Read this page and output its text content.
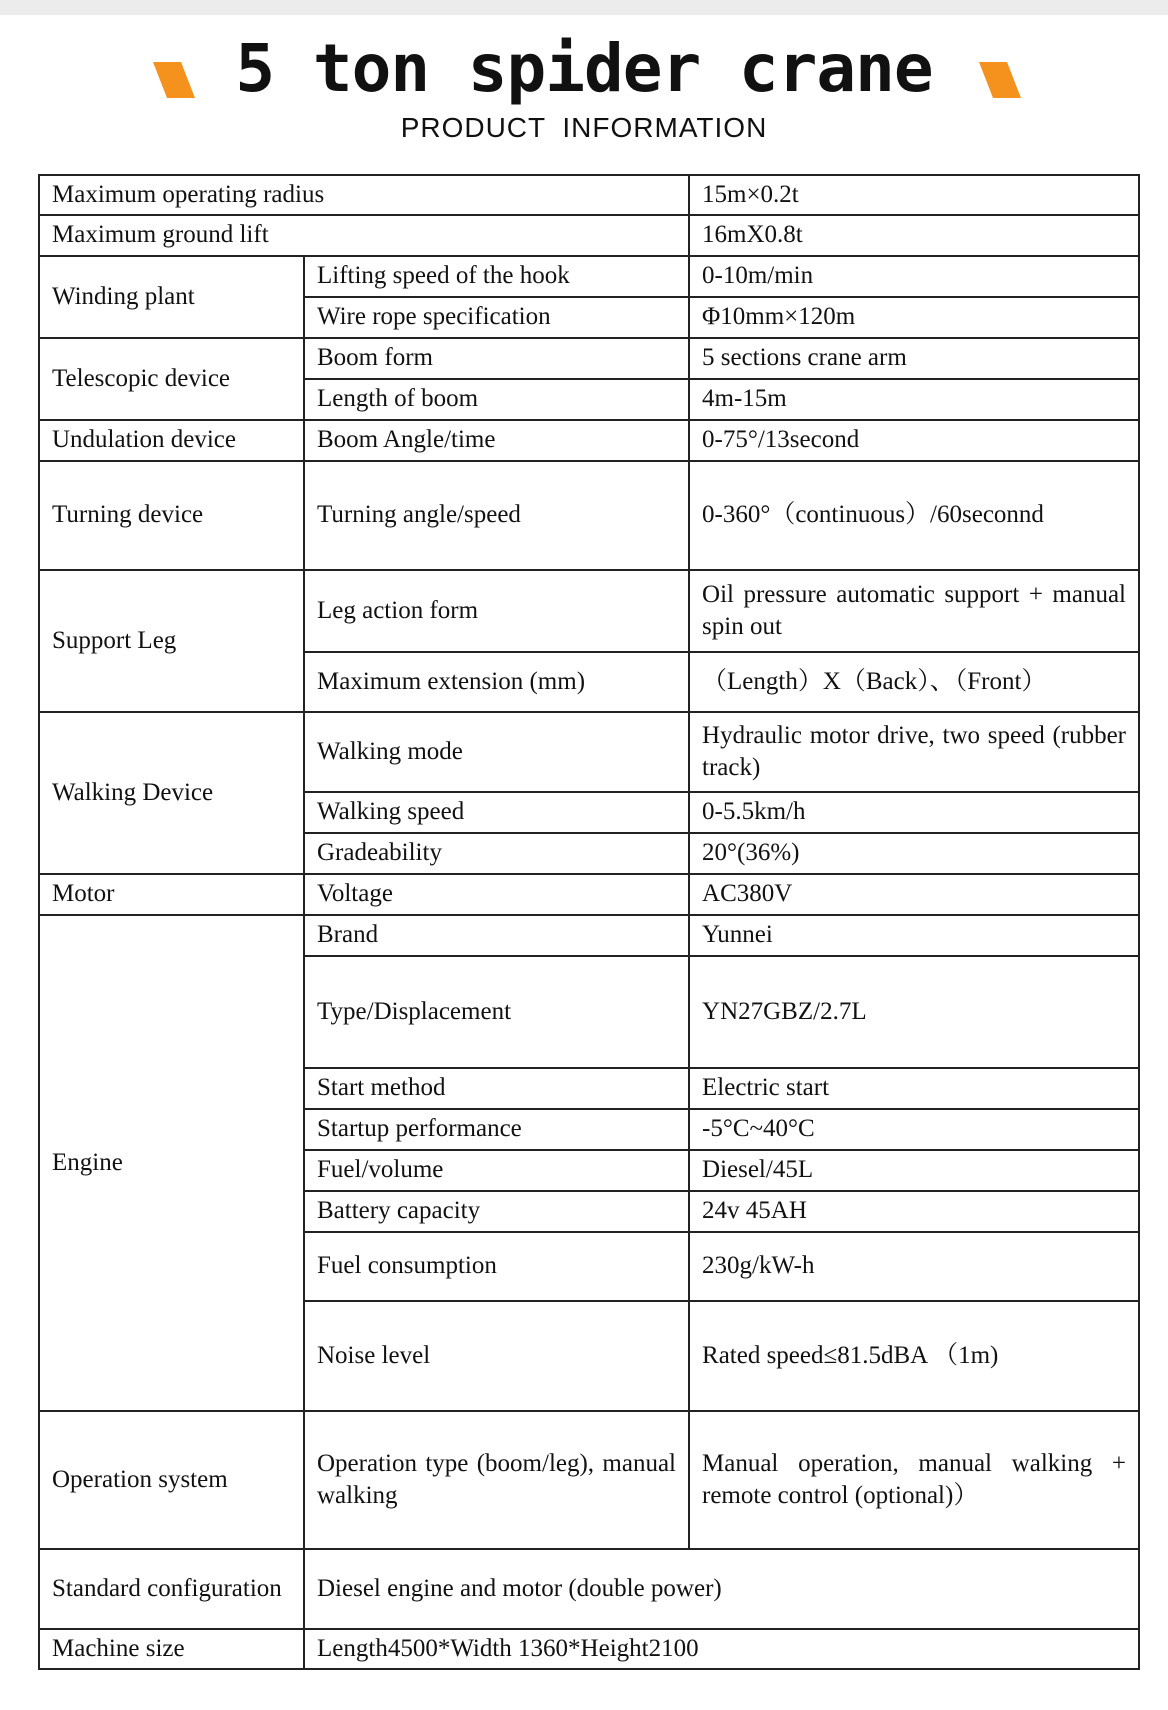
5 ton spider crane
PRODUCT INFORMATION
Maximum operating radius		15m×0.2t
Maximum ground lift		16mX0.8t
Winding plant	Lifting speed of the hook	0-10m/min
	Wire rope specification	Φ10mm×120m
Telescopic device	Boom form	5 sections crane arm
	Length of boom	4m-15m
Undulation device	Boom Angle/time	0-75°/13second
Turning device	Turning angle/speed	0-360°（continuous）/60seconnd
Support Leg	Leg action form	Oil pressure automatic support + manual spin out
	Maximum extension (mm)	（Length）X（Back）、（Front）
Walking Device	Walking mode	Hydraulic motor drive, two speed (rubber track)
	Walking speed	0-5.5km/h
	Gradeability	20°(36%)
Motor	Voltage	AC380V
Engine	Brand	Yunnei
	Type/Displacement	YN27GBZ/2.7L
	Start method	Electric start
	Startup performance	-5°C~40°C
	Fuel/volume	Diesel/45L
	Battery capacity	24v 45AH
	Fuel consumption	230g/kW-h
	Noise level	Rated speed≤81.5dBA （1m)
Operation system	Operation type (boom/leg), manual walking	Manual operation, manual walking + remote control (optional)）
Standard configuration	Diesel engine and motor (double power)	
Machine size	Length4500*Width 1360*Height2100	
